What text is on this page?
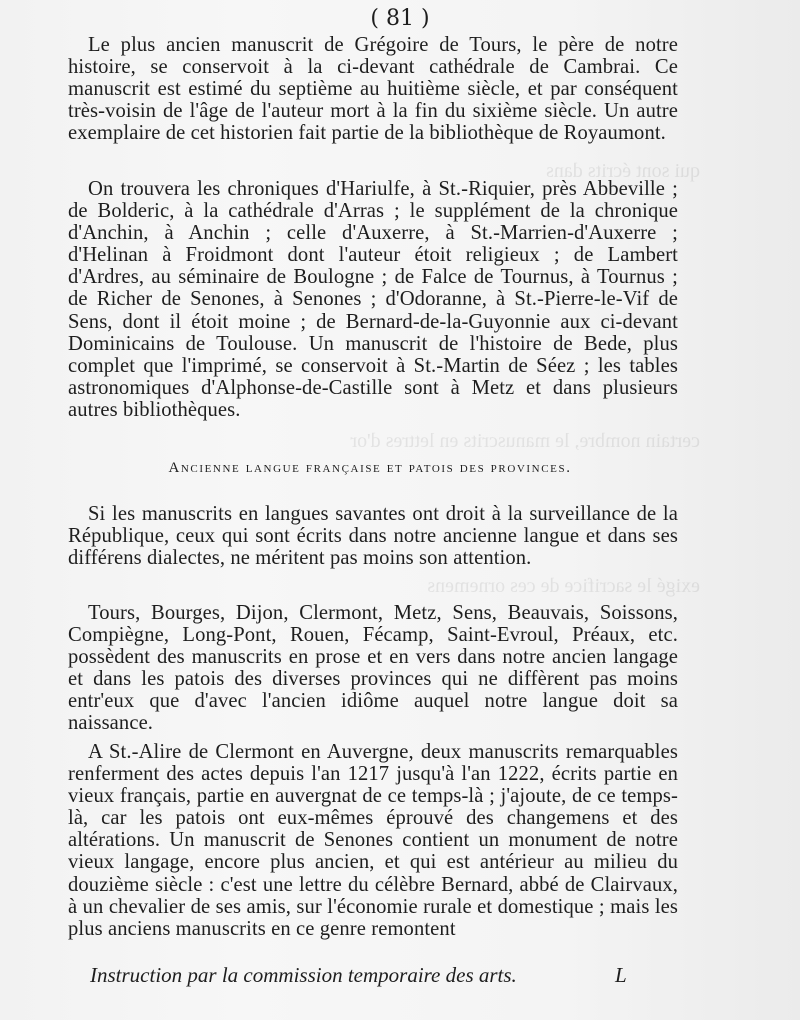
qui sont écrits dans
certain nombre, le manuscrits en lettres d'or
exigé le sacrifice de ces ornemens
( 81 )

Le plus ancien manuscrit de Grégoire de Tours, le père de notre histoire, se conservoit à la ci-devant cathédrale de Cambrai. Ce manuscrit est estimé du septième au huitième siècle, et par conséquent très-voisin de l'âge de l'auteur mort à la fin du sixième siècle. Un autre exemplaire de cet historien fait partie de la bibliothèque de Royaumont.

On trouvera les chroniques d'Hariulfe, à St.-Riquier, près Abbeville ; de Bolderic, à la cathédrale d'Arras ; le supplément de la chronique d'Anchin, à Anchin ; celle d'Auxerre, à St.-Marrien-d'Auxerre ; d'Helinan à Froidmont dont l'auteur étoit religieux ; de Lambert d'Ardres, au séminaire de Boulogne ; de Falce de Tournus, à Tournus ; de Richer de Senones, à Senones ; d'Odoranne, à St.-Pierre-le-Vif de Sens, dont il étoit moine ; de Bernard-de-la-Guyonnie aux ci-devant Dominicains de Toulouse. Un manuscrit de l'histoire de Bede, plus complet que l'imprimé, se conservoit à St.-Martin de Séez ; les tables astronomiques d'Alphonse-de-Castille sont à Metz et dans plusieurs autres bibliothèques.

Ancienne langue française et patois des provinces.

Si les manuscrits en langues savantes ont droit à la surveillance de la République, ceux qui sont écrits dans notre ancienne langue et dans ses différens dialectes, ne méritent pas moins son attention.

Tours, Bourges, Dijon, Clermont, Metz, Sens, Beauvais, Soissons, Compiègne, Long-Pont, Rouen, Fécamp, Saint-Evroul, Préaux, etc. possèdent des manuscrits en prose et en vers dans notre ancien langage et dans les patois des diverses provinces qui ne diffèrent pas moins entr'eux que d'avec l'ancien idiôme auquel notre langue doit sa naissance.

A St.-Alire de Clermont en Auvergne, deux manuscrits remarquables renferment des actes depuis l'an 1217 jusqu'à l'an 1222, écrits partie en vieux français, partie en auvergnat de ce temps-là ; j'ajoute, de ce temps-là, car les patois ont eux-mêmes éprouvé des changemens et des altérations. Un manuscrit de Senones contient un monument de notre vieux langage, encore plus ancien, et qui est antérieur au milieu du douzième siècle : c'est une lettre du célèbre Bernard, abbé de Clairvaux, à un chevalier de ses amis, sur l'économie rurale et domestique ; mais les plus anciens manuscrits en ce genre remontent

Instruction par la commission temporaire des arts.	L
